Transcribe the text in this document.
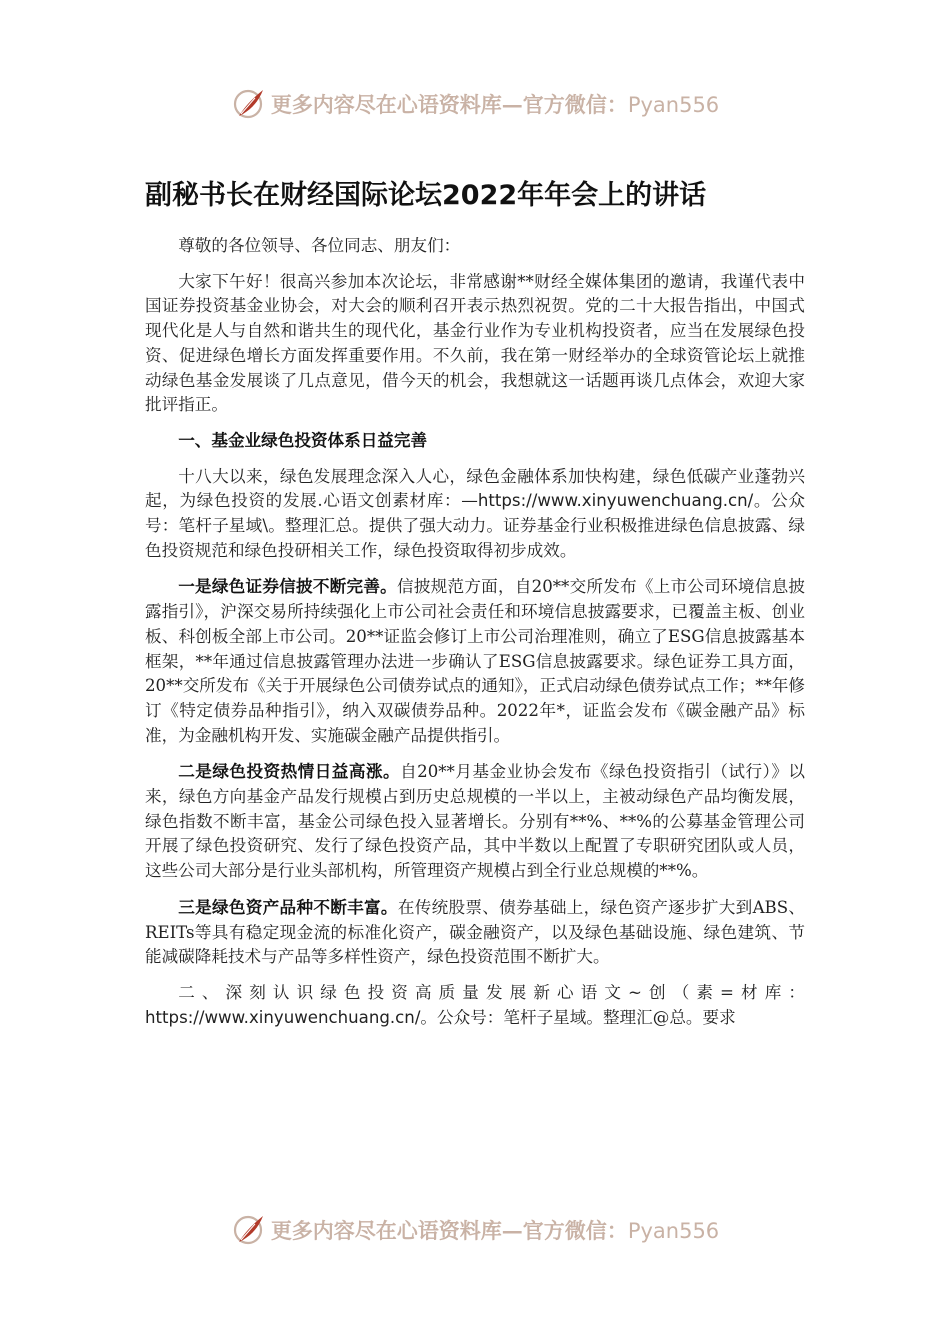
更多内容尽在心语资料库—官方微信：Pyan556
副秘书长在财经国际论坛2022年年会上的讲话

尊敬的各位领导、各位同志、朋友们：

大家下午好！很高兴参加本次论坛，非常感谢**财经全媒体集团的邀请，我谨代表中国证券投资基金业协会，对大会的顺利召开表示热烈祝贺。党的二十大报告指出，中国式现代化是人与自然和谐共生的现代化，基金行业作为专业机构投资者，应当在发展绿色投资、促进绿色增长方面发挥重要作用。不久前，我在第一财经举办的全球资管论坛上就推动绿色基金发展谈了几点意见，借今天的机会，我想就这一话题再谈几点体会，欢迎大家批评指正。

一、基金业绿色投资体系日益完善

十八大以来，绿色发展理念深入人心，绿色金融体系加快构建，绿色低碳产业蓬勃兴起，为绿色投资的发展.心语文创素材库：—https://www.xinyuwenchuang.cn/。公众号：笔杆子星域\。整理汇总。提供了强大动力。证券基金行业积极推进绿色信息披露、绿色投资规范和绿色投研相关工作，绿色投资取得初步成效。

一是绿色证券信披不断完善。信披规范方面，自20**交所发布《上市公司环境信息披露指引》，沪深交易所持续强化上市公司社会责任和环境信息披露要求，已覆盖主板、创业板、科创板全部上市公司。20**证监会修订上市公司治理准则，确立了ESG信息披露基本框架，**年通过信息披露管理办法进一步确认了ESG信息披露要求。绿色证券工具方面，20**交所发布《关于开展绿色公司债券试点的通知》，正式启动绿色债券试点工作；**年修订《特定债券品种指引》，纳入双碳债券品种。2022年*，证监会发布《碳金融产品》标准，为金融机构开发、实施碳金融产品提供指引。

二是绿色投资热情日益高涨。自20**月基金业协会发布《绿色投资指引（试行）》以来，绿色方向基金产品发行规模占到历史总规模的一半以上，主被动绿色产品均衡发展，绿色指数不断丰富，基金公司绿色投入显著增长。分别有**%、**%的公募基金管理公司开展了绿色投资研究、发行了绿色投资产品，其中半数以上配置了专职研究团队或人员，这些公司大部分是行业头部机构，所管理资产规模占到全行业总规模的**%。

三是绿色资产品种不断丰富。在传统股票、债券基础上，绿色资产逐步扩大到ABS、REITs等具有稳定现金流的标准化资产，碳金融资产，以及绿色基础设施、绿色建筑、节能减碳降耗技术与产品等多样性资产，绿色投资范围不断扩大。

二、深刻认识绿色投资高质量发展新心语文~创（素=材库：https://www.xinyuwenchuang.cn/。公众号：笔杆子星域。整理汇@总。要求

更多内容尽在心语资料库—官方微信：Pyan556
